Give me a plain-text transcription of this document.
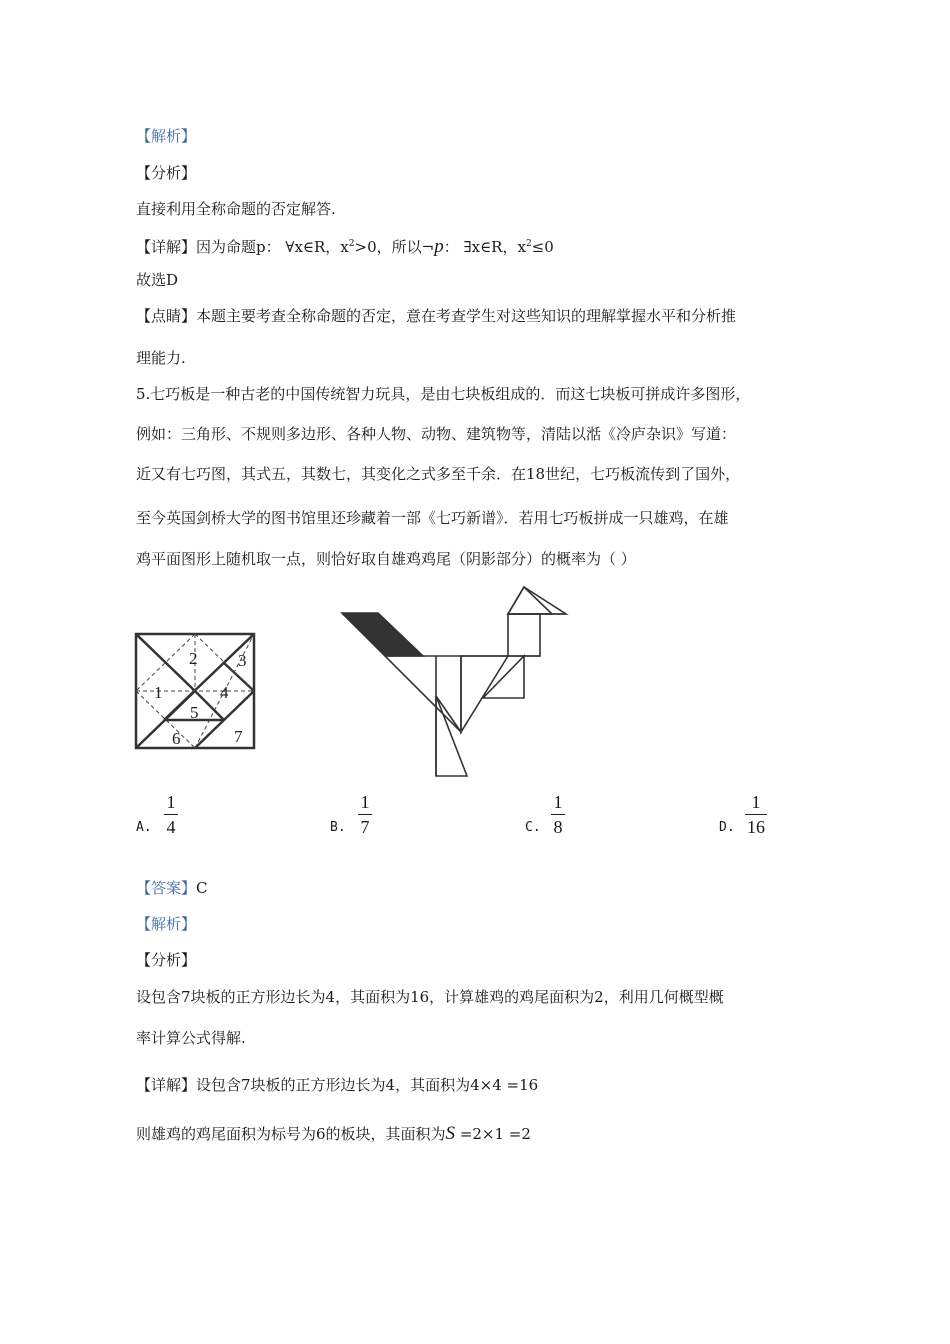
【解析】
【分析】
直接利用全称命题的否定解答.
【详解】因为命题p： ∀x∈R，$x^2>0$，所以¬p： ∃x∈R，$x^2\le 0$
故选D
【点睛】本题主要考查全称命题的否定，意在考查学生对这些知识的理解掌握水平和分析推
理能力.
5.七巧板是一种古老的中国传统智力玩具，是由七块板组成的．而这七块板可拼成许多图形，
例如：三角形、不规则多边形、各种人物、动物、建筑物等，清陆以湉《冷庐杂识》写道：
近又有七巧图，其式五，其数七，其变化之式多至千余．在18世纪，七巧板流传到了国外，
至今英国剑桥大学的图书馆里还珍藏着一部《七巧新谱》．若用七巧板拼成一只雄鸡，在雄
鸡平面图形上随机取一点，则恰好取自雄鸡鸡尾（阴影部分）的概率为（ ）
2 3
1	4
5
6	7
A.
1
4	B.
1
7	C.
1
8	D.
1
16
【答案】C
【解析】
【分析】
设包含7块板的正方形边长为4，其面积为16，计算雄鸡的鸡尾面积为2，利用几何概型概
率计算公式得解.
【详解】设包含7块板的正方形边长为4，其面积为4×4 =16
则雄鸡的鸡尾面积为标号为6的板块，其面积为S =2×1 =2
